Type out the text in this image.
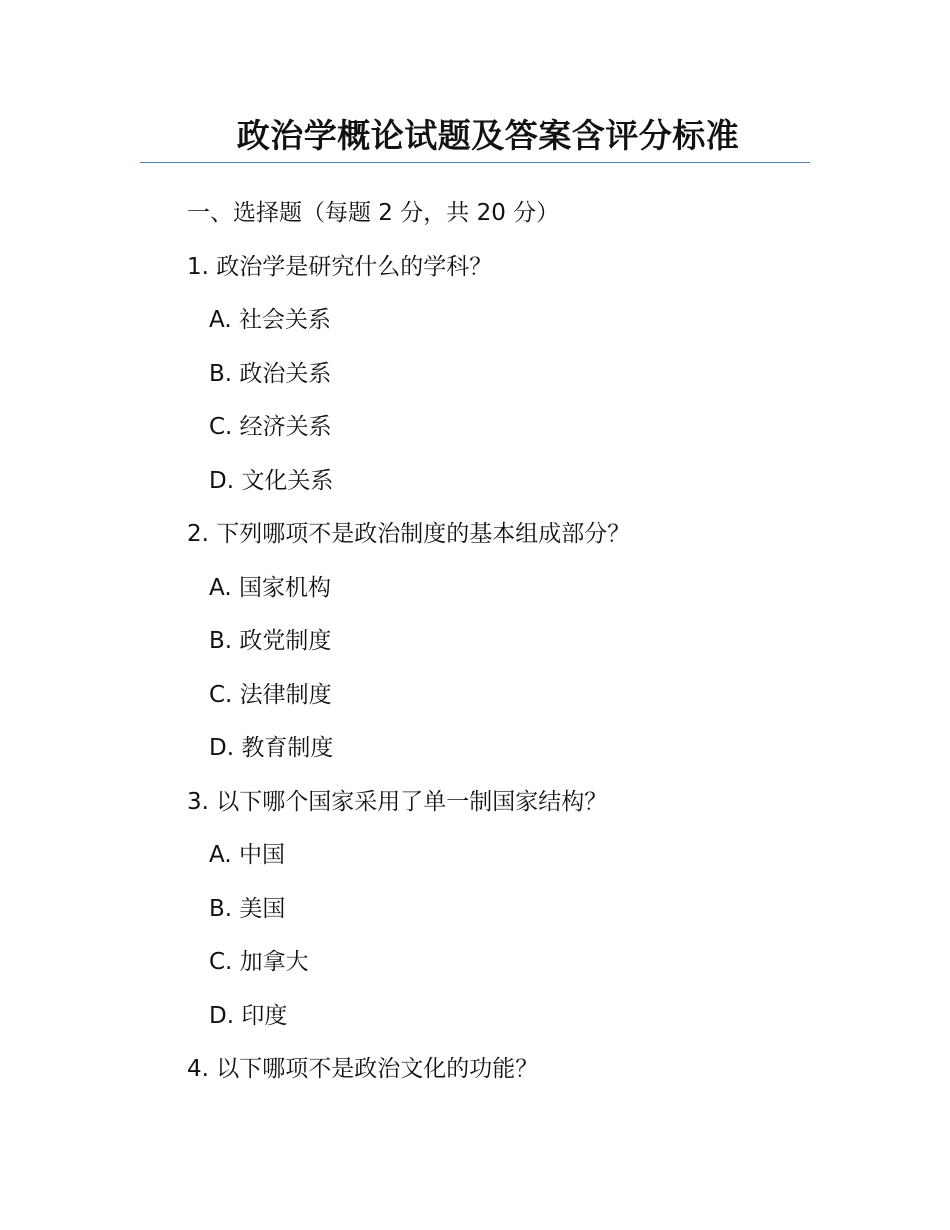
政治学概论试题及答案含评分标准
一、选择题（每题 2 分，共 20 分）
1. 政治学是研究什么的学科？
A. 社会关系
B. 政治关系
C. 经济关系
D. 文化关系
2. 下列哪项不是政治制度的基本组成部分？
A. 国家机构
B. 政党制度
C. 法律制度
D. 教育制度
3. 以下哪个国家采用了单一制国家结构？
A. 中国
B. 美国
C. 加拿大
D. 印度
4. 以下哪项不是政治文化的功能？
